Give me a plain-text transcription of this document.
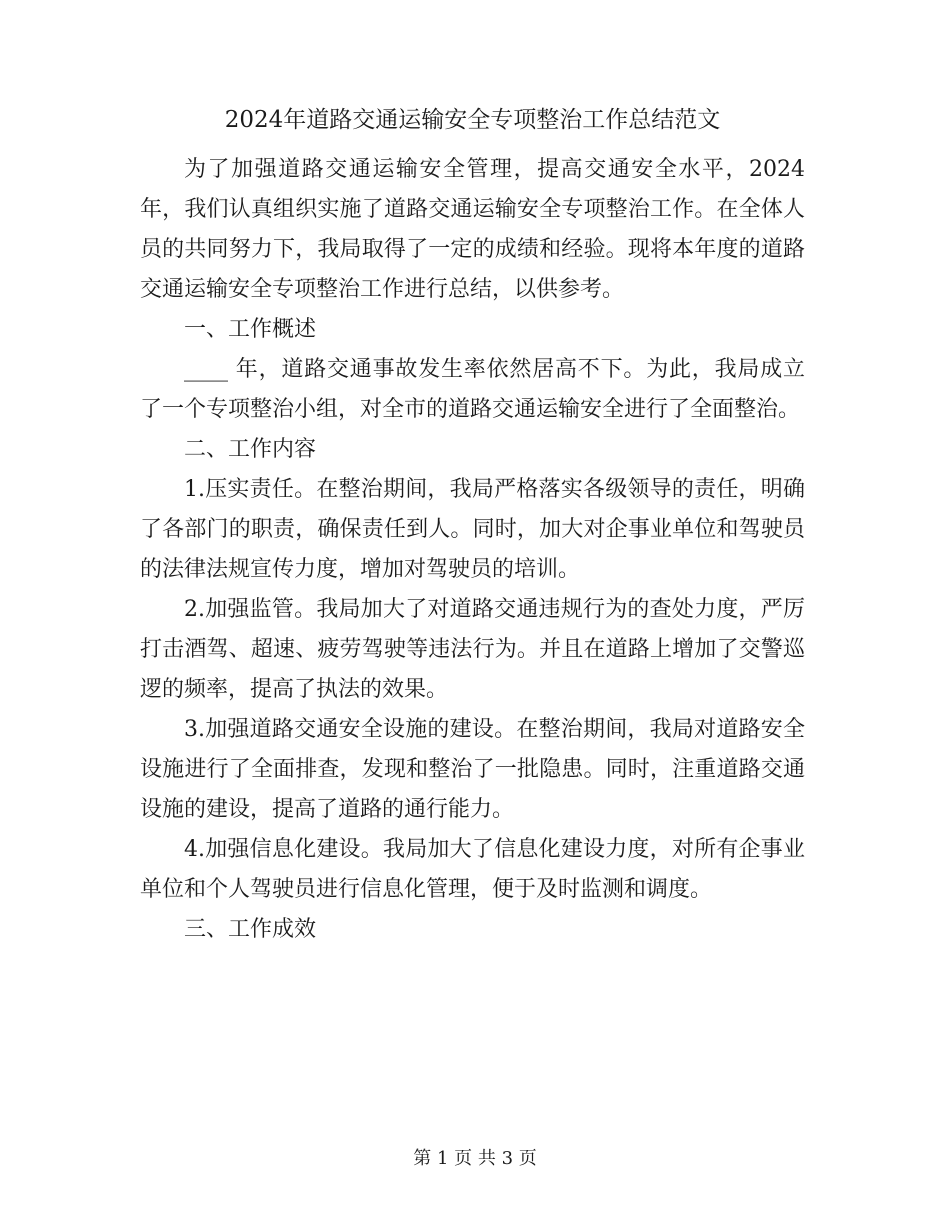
2024年道路交通运输安全专项整治工作总结范文

为了加强道路交通运输安全管理，提高交通安全水平，2024年，我们认真组织实施了道路交通运输安全专项整治工作。在全体人员的共同努力下，我局取得了一定的成绩和经验。现将本年度的道路交通运输安全专项整治工作进行总结，以供参考。

一、工作概述

____ 年，道路交通事故发生率依然居高不下。为此，我局成立了一个专项整治小组，对全市的道路交通运输安全进行了全面整治。

二、工作内容

1.压实责任。在整治期间，我局严格落实各级领导的责任，明确了各部门的职责，确保责任到人。同时，加大对企事业单位和驾驶员的法律法规宣传力度，增加对驾驶员的培训。

2.加强监管。我局加大了对道路交通违规行为的查处力度，严厉打击酒驾、超速、疲劳驾驶等违法行为。并且在道路上增加了交警巡逻的频率，提高了执法的效果。

3.加强道路交通安全设施的建设。在整治期间，我局对道路安全设施进行了全面排查，发现和整治了一批隐患。同时，注重道路交通设施的建设，提高了道路的通行能力。

4.加强信息化建设。我局加大了信息化建设力度，对所有企事业单位和个人驾驶员进行信息化管理，便于及时监测和调度。

三、工作成效

第 1 页 共 3 页
